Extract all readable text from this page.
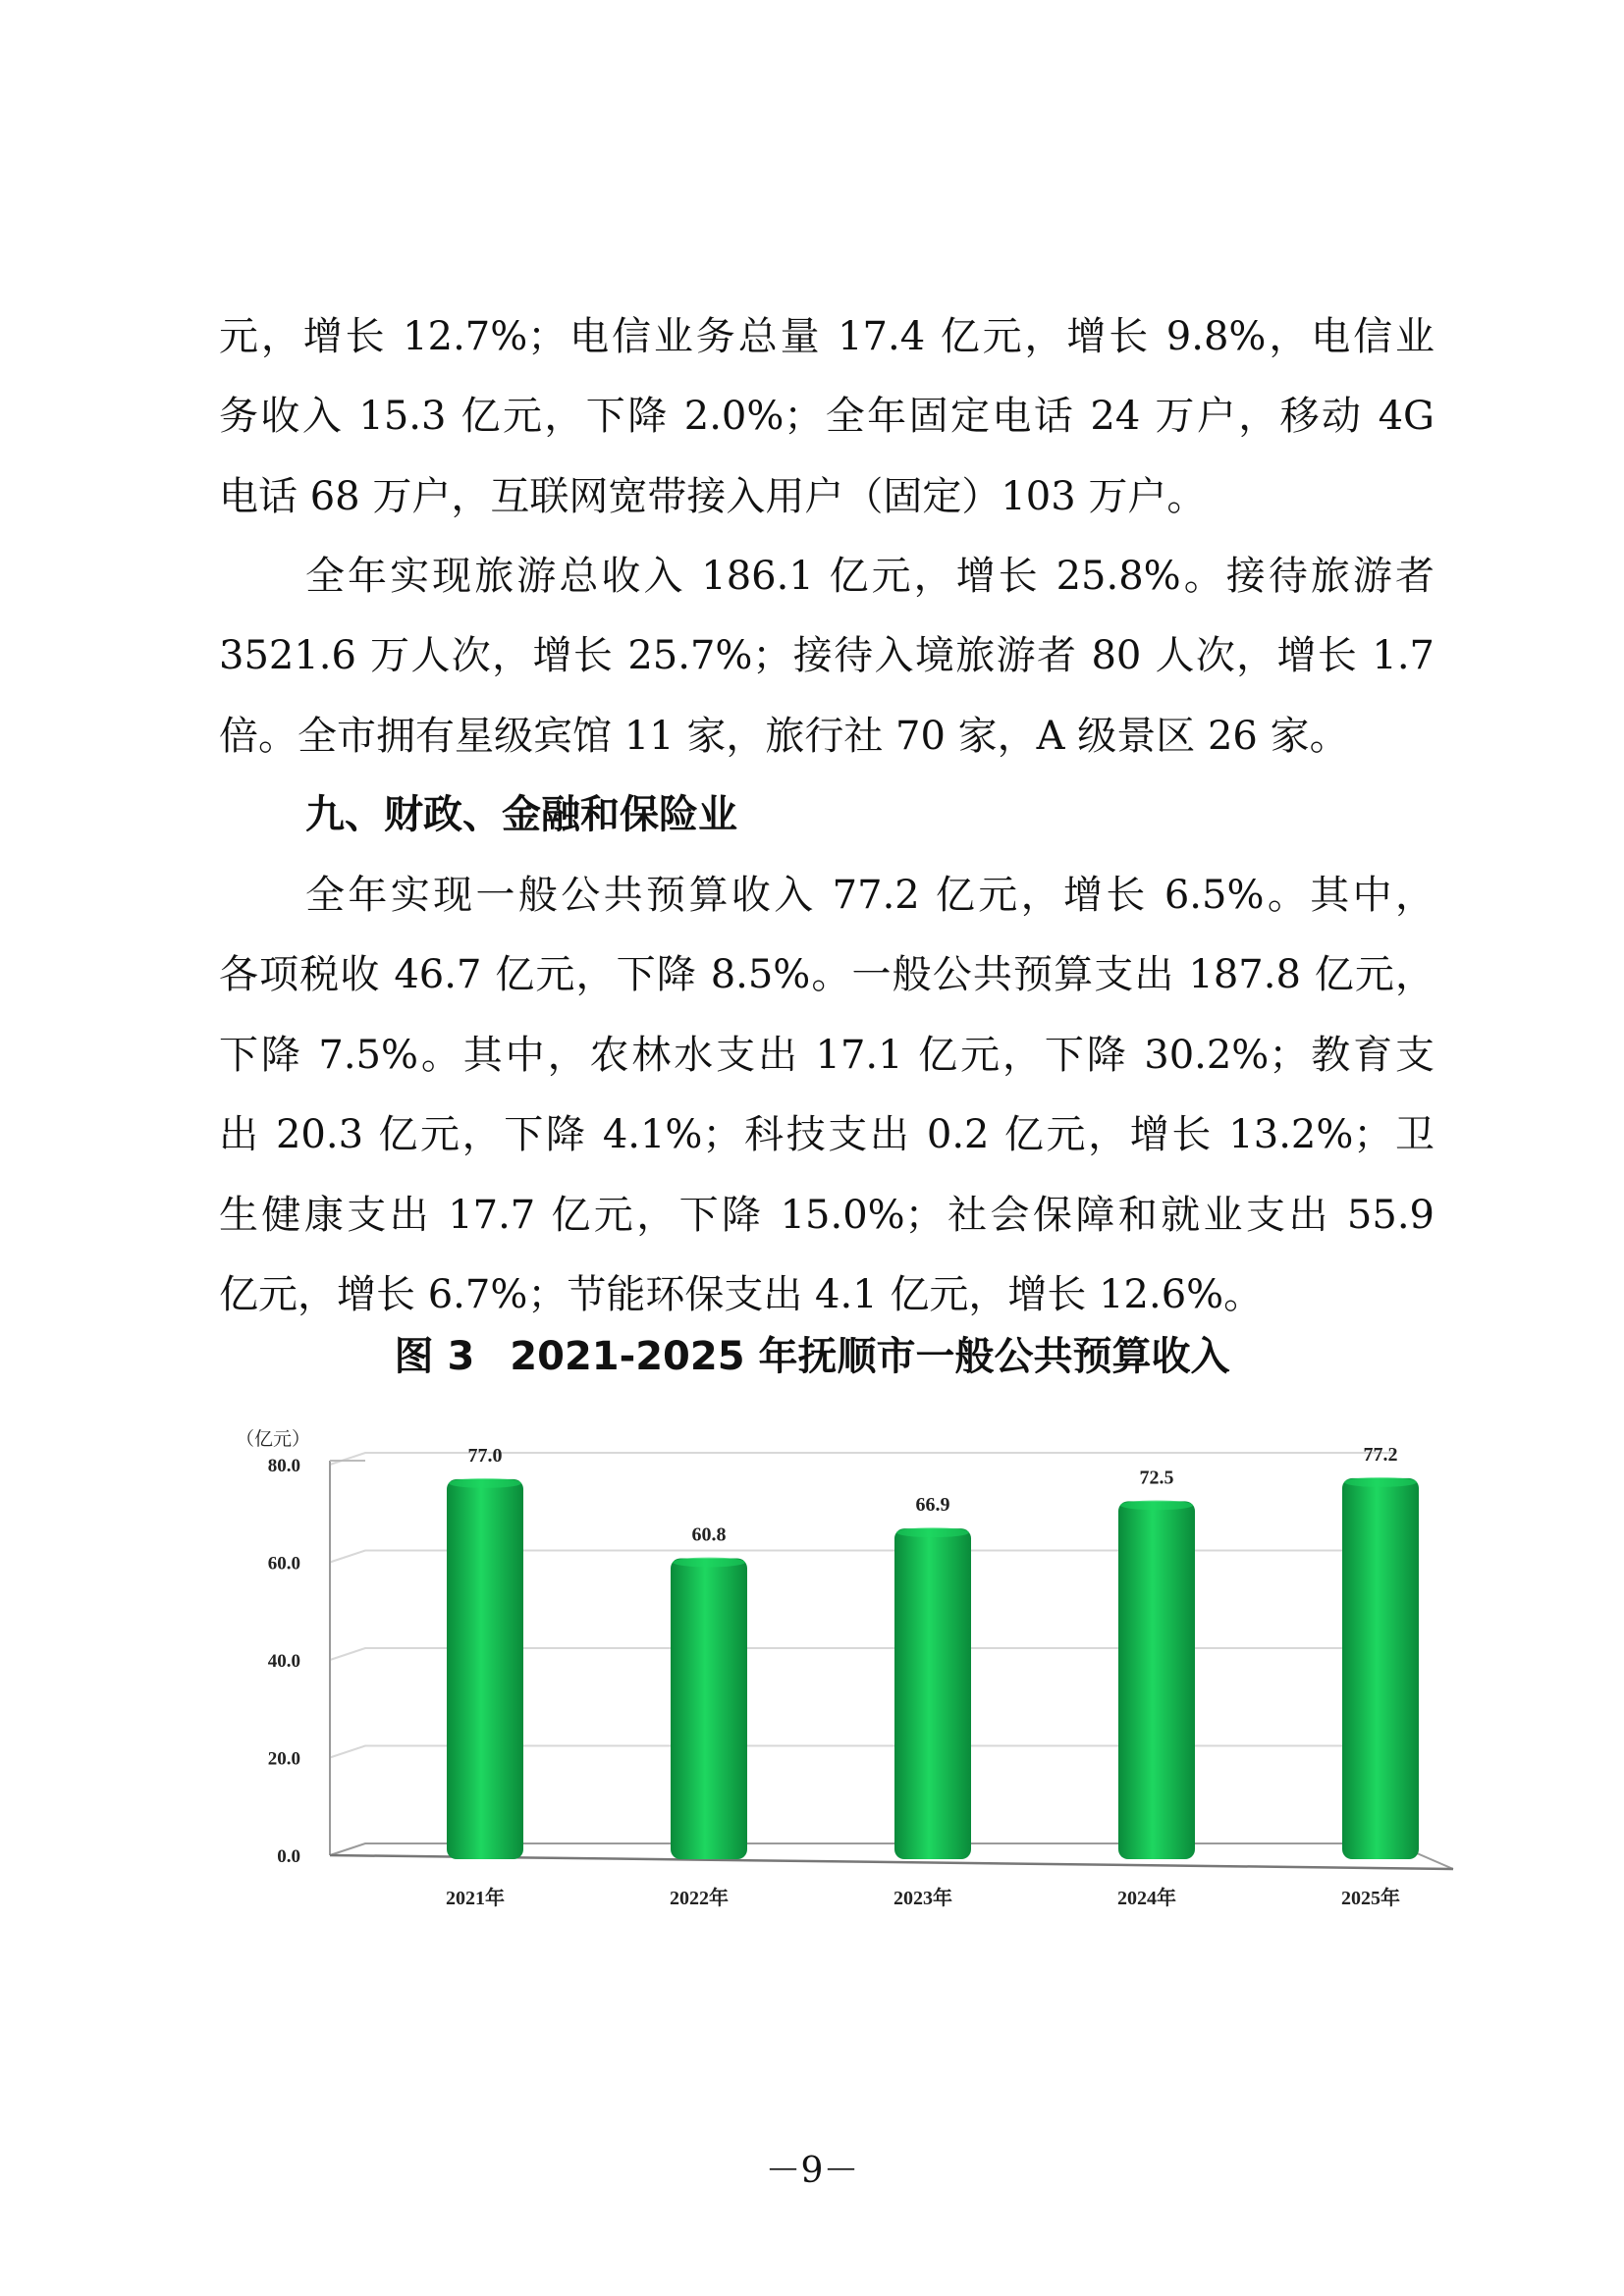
元，增长 12.7%；电信业务总量 17.4 亿元，增长 9.8%，电信业
务收入 15.3 亿元，下降 2.0%；全年固定电话 24 万户，移动 4G
电话 68 万户，互联网宽带接入用户（固定）103 万户。
全年实现旅游总收入 186.1 亿元，增长 25.8%。接待旅游者
3521.6 万人次，增长 25.7%；接待入境旅游者 80 人次，增长 1.7
倍。全市拥有星级宾馆 11 家，旅行社 70 家，A 级景区 26 家。
九、财政、金融和保险业
全年实现一般公共预算收入 77.2 亿元，增长 6.5%。其中，
各项税收 46.7 亿元，下降 8.5%。一般公共预算支出 187.8 亿元，
下降 7.5%。其中，农林水支出 17.1 亿元，下降 30.2%；教育支
出 20.3 亿元，下降 4.1%；科技支出 0.2 亿元，增长 13.2%；卫
生健康支出 17.7 亿元，下降 15.0%；社会保障和就业支出 55.9
亿元，增长 6.7%；节能环保支出 4.1 亿元，增长 12.6%。
图 3 2021-2025 年抚顺市一般公共预算收入
0.0
20.0
40.0
60.0
80.0
（亿元）
77.0
2021年
60.8
2022年
66.9
2023年
72.5
2024年
77.2
2025年
－9－
